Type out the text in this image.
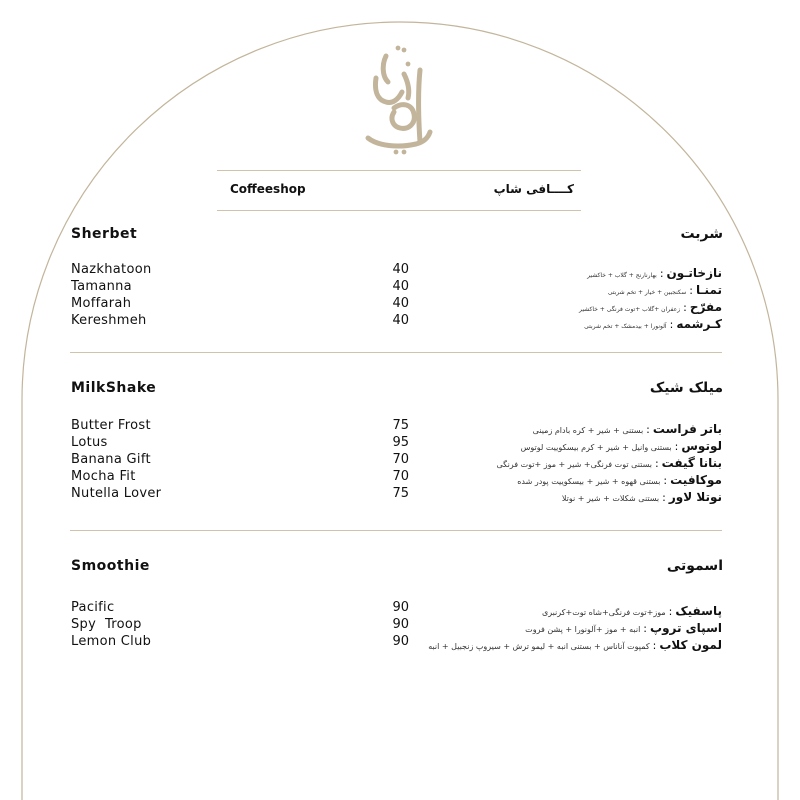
Coffeeshop	کــــافی شاپ
Sherbet	شربت
Nazkhatoon	40	نازخاتـون:بهارنارنج + گلاب + خاکشیر
Tamanna	40	تمنـا:سکنجبین + خیار + تخم شربتی
Moffarah	40	مفرّح:زعفران +گلاب +توت فرنگی + خاکشیر
Kereshmeh	40	کـرشمه:آلونورا + بیدمشک + تخم شربتی
MilkShake	میلک شیک
Butter Frost	75	باتر فراست:بستنی + شیر + کره بادام زمینی
Lotus	95	لوتوس:بستنی وانیل + شیر + کرم بیسکوییت لوتوس
Banana Gift	70	بنانا گیفت:بستنی توت فرنگی+ شیر + موز +توت فرنگی
Mocha Fit	70	موکافیت:بستنی قهوه + شیر + بیسکوییت پودر شده
Nutella Lover	75	نوتلا لاور:بستنی شکلات + شیر + نوتلا
Smoothie	اسموتی
Pacific	90	پاسفیک:موز+توت فرنگی+شاه توت+کرنبری
Spy  Troop	90	اسپای تروپ:انبه + موز +آلونورا + پشن فروت
Lemon Club	90	لمون کلاب:کمپوت آناناس + بستنی انبه + لیمو ترش + سیروپ زنجبیل + انبه
